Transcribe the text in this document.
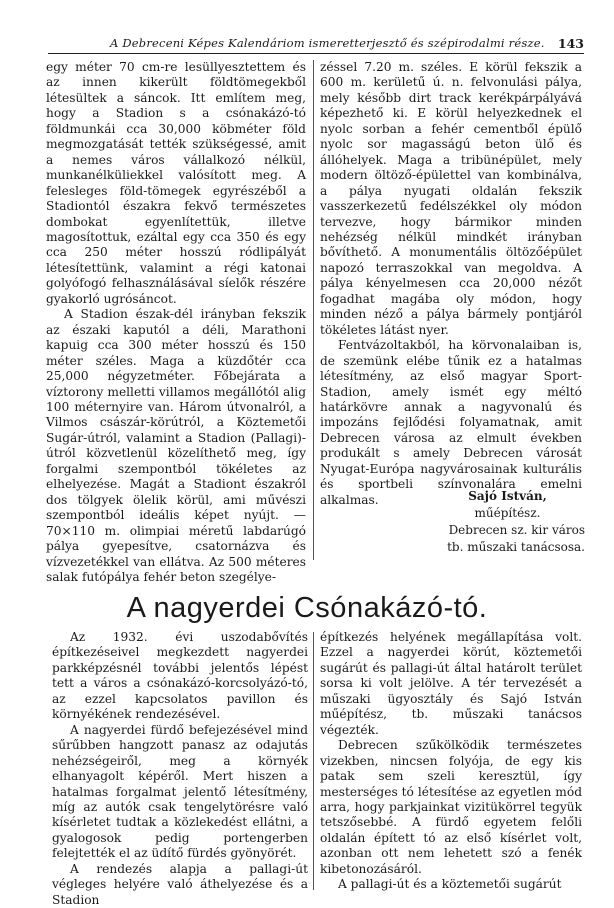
A Debreceni Képes Kalendáriom ismeretterjesztő és szépirodalmi része. 143

egy méter 70 cm-re lesüllyesztettem és az innen kikerült földtömegekből létesültek a sáncok. Itt említem meg, hogy a Stadion s a csónakázó-tó földmunkái cca 30,000 köbméter föld megmozgatását tették szükségessé, amit a nemes város vállalkozó nélkül, munkanélküliekkel valósított meg. A felesleges föld-tömegek egyrészéből a Stadiontól északra fekvő természetes dombokat egyenlítettük, illetve magosítottuk, ezáltal egy cca 350 és egy cca 250 méter hosszú ródlipályát létesítettünk, valamint a régi katonai golyófogó felhasználásával síelők részére gyakorló ugrósáncot.

A Stadion észak-dél irányban fekszik az északi kaputól a déli, Marathoni kapuig cca 300 méter hosszú és 150 méter széles. Maga a küzdőtér cca 25,000 négyzetméter. Főbejárata a víztorony melletti villamos megállótól alig 100 méternyire van. Három útvonalról, a Vilmos császár-körútról, a Köztemetői Sugár-útról, valamint a Stadion (Pallagi)-útról közvetlenül közelíthető meg, így forgalmi szempontból tökéletes az elhelyezése. Magát a Stadiont északról dos tölgyek ölelik körül, ami művészi szempontból ideális képet nyújt. — 70×110 m. olimpiai méretű labdarúgó pálya gyepesítve, csatornázva és vízvezetékkel van ellátva. Az 500 méteres salak futópálya fehér beton szegélye-

zéssel 7.20 m. széles. E körül fekszik a 600 m. kerületű ú. n. felvonulási pálya, mely később dirt track kerékpárpályává képezhető ki. E körül helyezkednek el nyolc sorban a fehér cementből épülő nyolc sor magasságú beton ülő és állóhelyek. Maga a tribünépület, mely modern öltöző-épülettel van kombinálva, a pálya nyugati oldalán fekszik vasszerkezetű fedélszékkel oly módon tervezve, hogy bármikor minden nehézség nélkül mindkét irányban bővíthető. A monumentális öltözőépület napozó terraszokkal van megoldva. A pálya kényelmesen cca 20,000 nézőt fogadhat magába oly módon, hogy minden néző a pálya bármely pontjáról tökéletes látást nyer.

Fentvázoltakból, ha körvonalaiban is, de szemünk elébe tűnik ez a hatalmas létesítmény, az első magyar Sport-Stadion, amely ismét egy méltó határkövre annak a nagyvonalú és impozáns fejlődési folyamatnak, amit Debrecen városa az elmult években produkált s amely Debrecen városát Nyugat-Európa nagyvárosainak kulturális és sportbeli színvonalára emelni alkalmas.	Sajó István,
műépítész.
Debrecen sz. kir város
tb. műszaki tanácsosa.
A nagyerdei Csónakázó-tó.

Az 1932. évi uszodabővítés építkezéseivel megkezdett nagyerdei parkképzésnél további jelentős lépést tett a város a csónakázó-korcsolyázó-tó, az ezzel kapcsolatos pavillon és környékének rendezésével.

A nagyerdei fürdő befejezésével mind sűrűbben hangzott panasz az odajutás nehézségeiről, meg a környék elhanyagolt képéről. Mert hiszen a hatalmas forgalmat jelentő létesítmény, míg az autók csak tengelytörésre való kísérletet tudtak a közlekedést ellátni, a gyalogosok pedig portengerben felejtették el az üdítő fürdés gyönyörét.

A rendezés alapja a pallagi-út végleges helyére való áthelyezése és a Stadion

építkezés helyének megállapítása volt. Ezzel a nagyerdei körút, köztemetői sugárút és pallagi-út által határolt terület sorsa ki volt jelölve. A tér tervezését a műszaki ügyosztály és Sajó István műépítész, tb. műszaki tanácsos végezték.

Debrecen szűkölködik természetes vizekben, nincsen folyója, de egy kis patak sem szeli keresztül, így mesterséges tó létesítése az egyetlen mód arra, hogy parkjainkat vizitükörrel tegyük tetszősebbé. A fürdő egyetem felőli oldalán épített tó az első kísérlet volt, azonban ott nem lehetett szó a fenék kibetonozásáról.

A pallagi-út és a köztemetői sugárút
